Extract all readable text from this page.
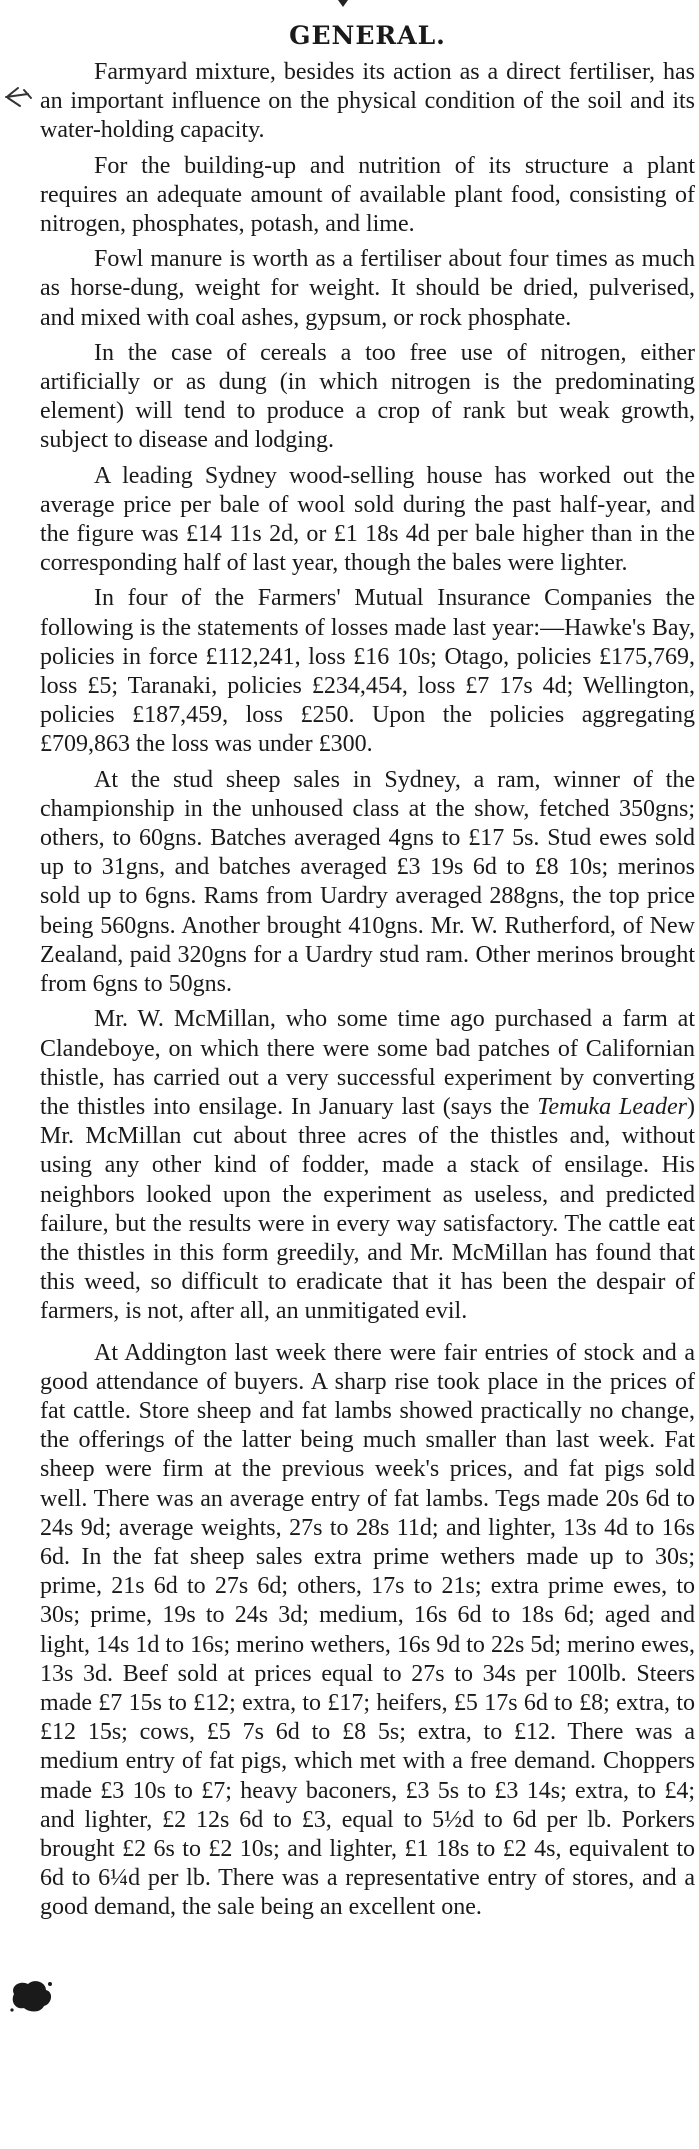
GENERAL.

Farmyard mixture, besides its action as a direct fertiliser, has an important influence on the physical condition of the soil and its water-holding capacity.

For the building-up and nutrition of its structure a plant requires an adequate amount of available plant food, consisting of nitrogen, phosphates, potash, and lime.

Fowl manure is worth as a fertiliser about four times as much as horse-dung, weight for weight. It should be dried, pulverised, and mixed with coal ashes, gypsum, or rock phosphate.

In the case of cereals a too free use of nitrogen, either artificially or as dung (in which nitrogen is the predominating element) will tend to produce a crop of rank but weak growth, subject to disease and lodging.

A leading Sydney wood-selling house has worked out the average price per bale of wool sold during the past half-year, and the figure was £14 11s 2d, or £1 18s 4d per bale higher than in the corresponding half of last year, though the bales were lighter.

In four of the Farmers' Mutual Insurance Companies the following is the statements of losses made last year:—Hawke's Bay, policies in force £112,241, loss £16 10s; Otago, policies £175,769, loss £5; Taranaki, policies £234,454, loss £7 17s 4d; Wellington, policies £187,459, loss £250. Upon the policies aggregating £709,863 the loss was under £300.

At the stud sheep sales in Sydney, a ram, winner of the championship in the unhoused class at the show, fetched 350gns; others, to 60gns. Batches averaged 4gns to £17 5s. Stud ewes sold up to 31gns, and batches averaged £3 19s 6d to £8 10s; merinos sold up to 6gns. Rams from Uardry averaged 288gns, the top price being 560gns. Another brought 410gns. Mr. W. Rutherford, of New Zealand, paid 320gns for a Uardry stud ram. Other merinos brought from 6gns to 50gns.

Mr. W. McMillan, who some time ago purchased a farm at Clandeboye, on which there were some bad patches of Californian thistle, has carried out a very successful experiment by converting the thistles into ensilage. In January last (says the Temuka Leader) Mr. McMillan cut about three acres of the thistles and, without using any other kind of fodder, made a stack of ensilage. His neighbors looked upon the experiment as useless, and predicted failure, but the results were in every way satisfactory. The cattle eat the thistles in this form greedily, and Mr. McMillan has found that this weed, so difficult to eradicate that it has been the despair of farmers, is not, after all, an unmitigated evil.

At Addington last week there were fair entries of stock and a good attendance of buyers. A sharp rise took place in the prices of fat cattle. Store sheep and fat lambs showed practically no change, the offerings of the latter being much smaller than last week. Fat sheep were firm at the previous week's prices, and fat pigs sold well. There was an average entry of fat lambs. Tegs made 20s 6d to 24s 9d; average weights, 27s to 28s 11d; and lighter, 13s 4d to 16s 6d. In the fat sheep sales extra prime wethers made up to 30s; prime, 21s 6d to 27s 6d; others, 17s to 21s; extra prime ewes, to 30s; prime, 19s to 24s 3d; medium, 16s 6d to 18s 6d; aged and light, 14s 1d to 16s; merino wethers, 16s 9d to 22s 5d; merino ewes, 13s 3d. Beef sold at prices equal to 27s to 34s per 100lb. Steers made £7 15s to £12; extra, to £17; heifers, £5 17s 6d to £8; extra, to £12 15s; cows, £5 7s 6d to £8 5s; extra, to £12. There was a medium entry of fat pigs, which met with a free demand. Choppers made £3 10s to £7; heavy baconers, £3 5s to £3 14s; extra, to £4; and lighter, £2 12s 6d to £3, equal to 5½d to 6d per lb. Porkers brought £2 6s to £2 10s; and lighter, £1 18s to £2 4s, equivalent to 6d to 6¼d per lb. There was a representative entry of stores, and a good demand, the sale being an excellent one.
